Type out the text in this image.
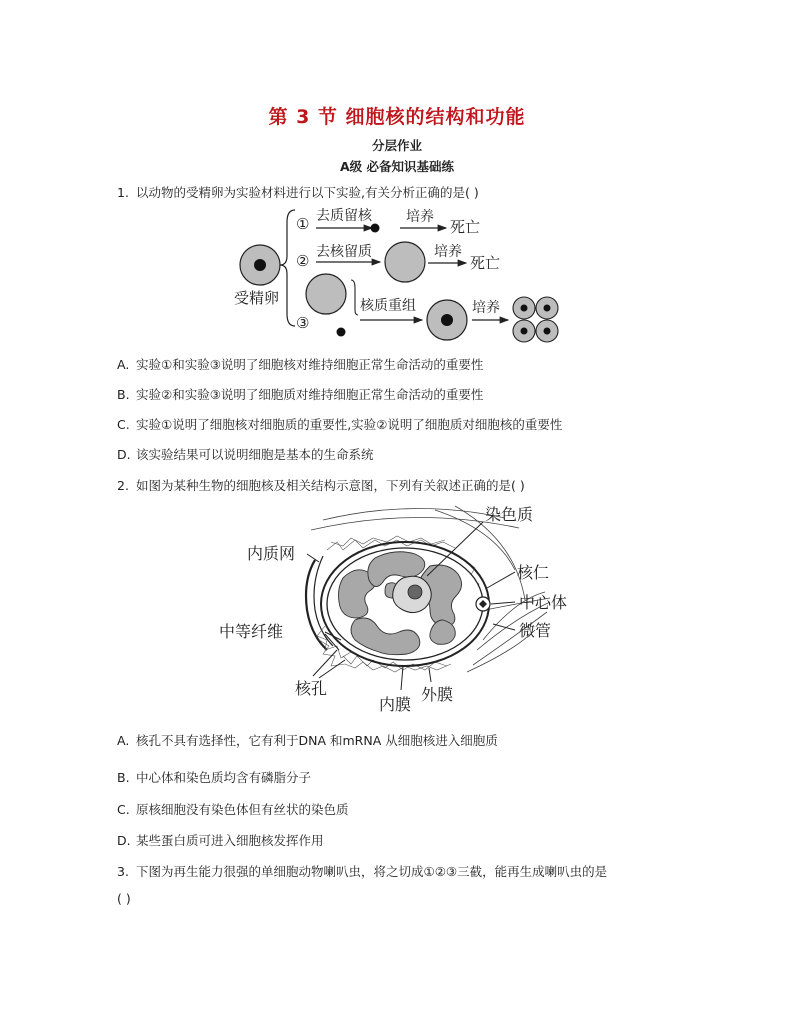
第 3 节 细胞核的结构和功能
分层作业
A级 必备知识基础练
1. 以动物的受精卵为实验材料进行以下实验,有关分析正确的是( )
受精卵
① 去质留核 培养
死亡
② 去核留质	培养
死亡
③
核质重组	培养
A. 实验①和实验③说明了细胞核对维持细胞正常生命活动的重要性
B. 实验②和实验③说明了细胞质对维持细胞正常生命活动的重要性
C. 实验①说明了细胞核对细胞质的重要性,实验②说明了细胞质对细胞核的重要性
D. 该实验结果可以说明细胞是基本的生命系统
2. 如图为某种生物的细胞核及相关结构示意图，下列有关叙述正确的是( )
染色质
内质网
核仁
中心体
中等纤维	微管
核孔
内膜
外膜
A. 核孔不具有选择性，它有利于DNA 和mRNA 从细胞核进入细胞质
B. 中心体和染色质均含有磷脂分子
C. 原核细胞没有染色体但有丝状的染色质
D. 某些蛋白质可进入细胞核发挥作用
3. 下图为再生能力很强的单细胞动物喇叭虫，将之切成①②③三截，能再生成喇叭虫的是
( )
